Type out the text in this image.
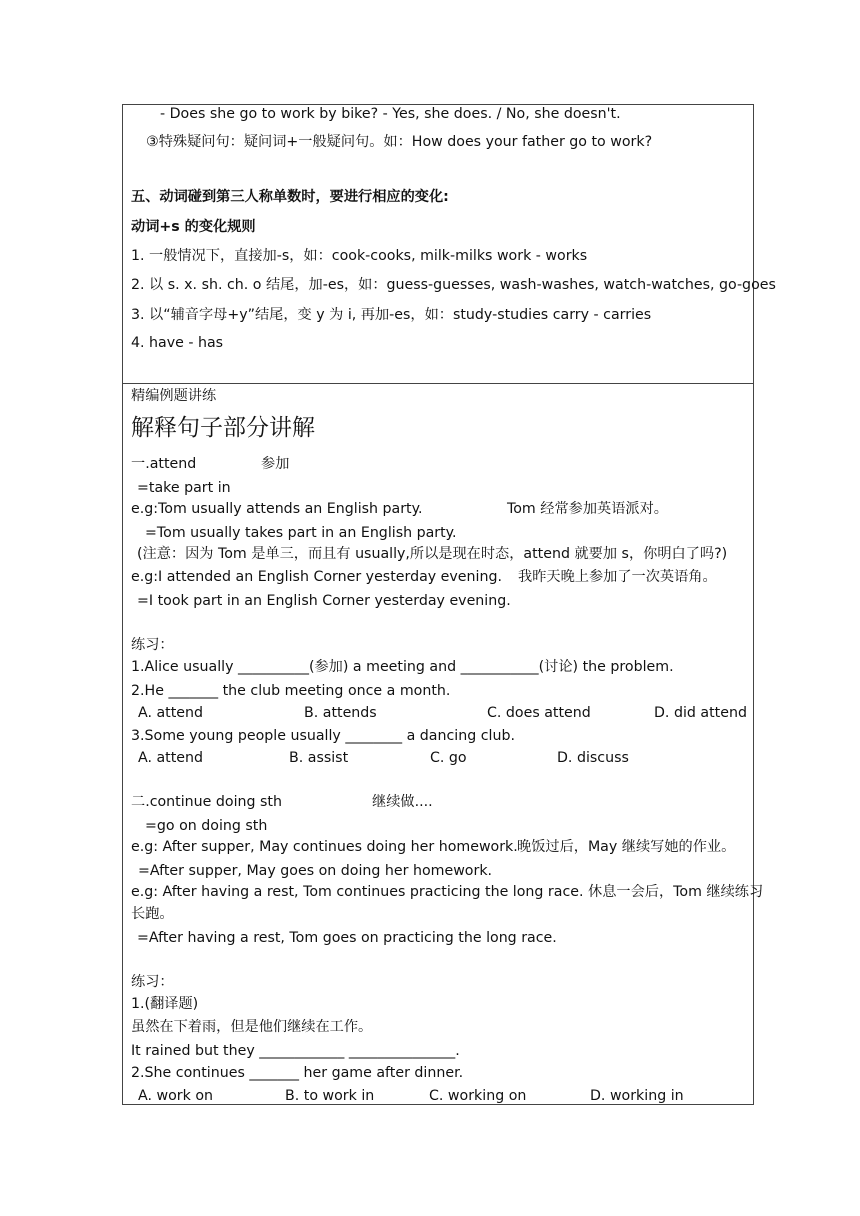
- Does she go to work by bike? - Yes, she does. / No, she doesn't.
③特殊疑问句：疑问词+一般疑问句。如：How does your father go to work?
五、动词碰到第三人称单数时，要进行相应的变化:
动词+s 的变化规则
1. 一般情况下，直接加-s，如：cook-cooks, milk-milks work - works
2. 以 s. x. sh. ch. o 结尾，加-es，如：guess-guesses, wash-washes, watch-watches, go-goes
3. 以“辅音字母+y”结尾，变 y 为 i, 再加-es，如：study-studies carry - carries
4. have - has
精编例题讲练
解释句子部分讲解
一.attend	参加
=take part in
e.g:Tom usually attends an English party.	Tom 经常参加英语派对。
=Tom usually takes part in an English party.
(注意：因为 Tom 是单三，而且有 usually,所以是现在时态，attend 就要加 s，你明白了吗?)
e.g:I attended an English Corner yesterday evening. 我昨天晚上参加了一次英语角。
=I took part in an English Corner yesterday evening.
练习：
1.Alice usually __________(参加) a meeting and ___________(讨论) the problem.
2.He _______ the club meeting once a month.
A. attend	B. attends	C. does attend	D. did attend
3.Some young people usually ________ a dancing club.
A. attend	B. assist	C. go	D. discuss
二.continue doing sth	继续做....
=go on doing sth
e.g: After supper, May continues doing her homework. 晚饭过后，May 继续写她的作业。
=After supper, May goes on doing her homework.
e.g: After having a rest, Tom continues practicing the long race. 休息一会后，Tom 继续练习
长跑。
=After having a rest, Tom goes on practicing the long race.
练习：
1.(翻译题)
虽然在下着雨，但是他们继续在工作。
It rained but they ____________ _______________.
2.She continues _______ her game after dinner.
A. work on	B. to work in	C. working on	D. working in
